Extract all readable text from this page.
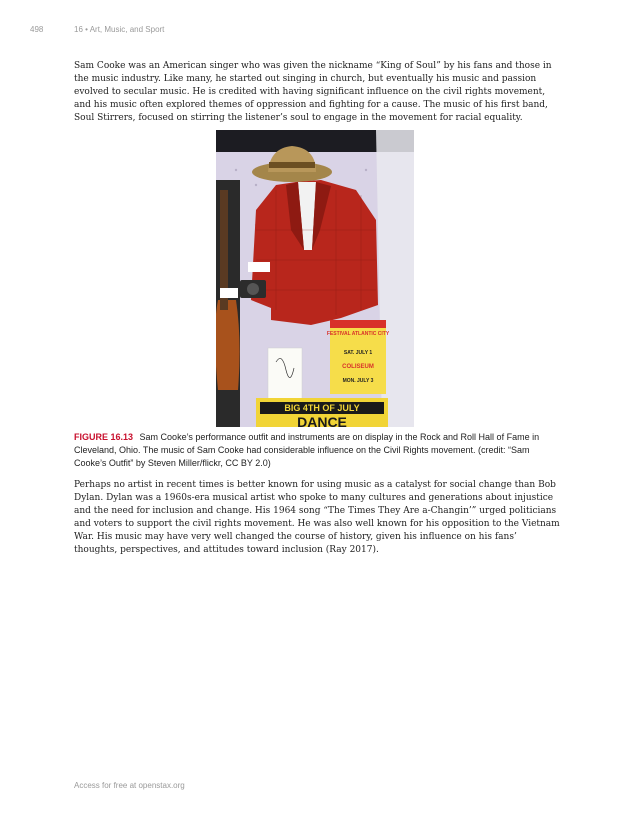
498	16 • Art, Music, and Sport

Sam Cooke was an American singer who was given the nickname “King of Soul” by his fans and those in the music industry. Like many, he started out singing in church, but eventually his music and passion evolved to secular music. He is credited with having significant influence on the civil rights movement, and his music often explored themes of oppression and fighting for a cause. The music of his first band, Soul Stirrers, focused on stirring the listener’s soul to engage in the movement for racial equality.

FESTIVAL ATLANTIC CITY
SAT. JULY 1
COLISEUM
MON. JULY 3
BIG 4TH OF JULY
DANCE

FIGURE 16.13 Sam Cooke’s performance outfit and instruments are on display in the Rock and Roll Hall of Fame in Cleveland, Ohio. The music of Sam Cooke had considerable influence on the Civil Rights movement. (credit: “Sam Cooke’s Outfit” by Steven Miller/flickr, CC BY 2.0)

Perhaps no artist in recent times is better known for using music as a catalyst for social change than Bob Dylan. Dylan was a 1960s-era musical artist who spoke to many cultures and generations about injustice and the need for inclusion and change. His 1964 song “The Times They Are a-Changin’” urged politicians and voters to support the civil rights movement. He was also well known for his opposition to the Vietnam War. His music may have very well changed the course of history, given his influence on his fans’ thoughts, perspectives, and attitudes toward inclusion (Ray 2017).

Access for free at openstax.org
